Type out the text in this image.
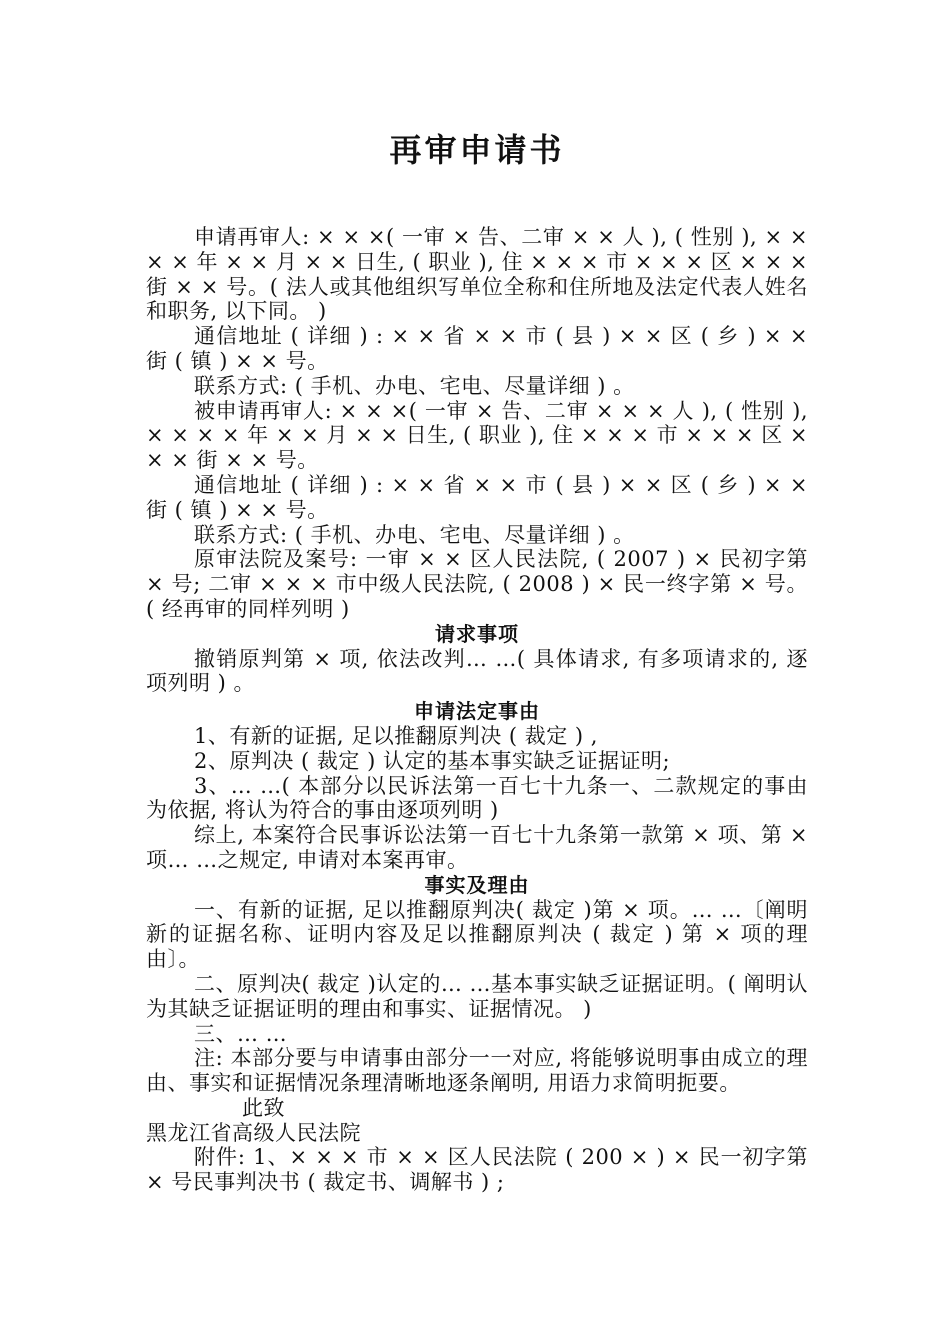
再审申请书

申请再审人: × × ×( 一审 × 告、二审 × × 人 ), ( 性别 ), × × × × 年 × × 月 × × 日生, ( 职业 ), 住 × × × 市 × × × 区 × × × 街 × × 号。( 法人或其他组织写单位全称和住所地及法定代表人姓名和职务, 以下同。 )

通信地址 ( 详细 ) : × × 省 × × 市 ( 县 ) × × 区 ( 乡 ) × × 街 ( 镇 ) × × 号。

联系方式: ( 手机、办电、宅电、尽量详细 ) 。

被申请再审人: × × ×( 一审 × 告、二审 × × × 人 ), ( 性别 ), × × × × 年 × × 月 × × 日生, ( 职业 ), 住 × × × 市 × × × 区 × × × 街 × × 号。

通信地址 ( 详细 ) : × × 省 × × 市 ( 县 ) × × 区 ( 乡 ) × × 街 ( 镇 ) × × 号。

联系方式: ( 手机、办电、宅电、尽量详细 ) 。

原审法院及案号: 一审 × × 区人民法院, ( 2007 ) × 民初字第 × 号; 二审 × × × 市中级人民法院, ( 2008 ) × 民一终字第 × 号。( 经再审的同样列明 )

请求事项

撤销原判第 × 项, 依法改判… …( 具体请求, 有多项请求的, 逐项列明 ) 。

申请法定事由

1、有新的证据, 足以推翻原判决 ( 裁定 ) ,

2、原判决 ( 裁定 ) 认定的基本事实缺乏证据证明;

3、… …( 本部分以民诉法第一百七十九条一、二款规定的事由为依据, 将认为符合的事由逐项列明 )

综上, 本案符合民事诉讼法第一百七十九条第一款第 × 项、第 × 项… …之规定, 申请对本案再审。

事实及理由

一、有新的证据, 足以推翻原判决( 裁定 )第 × 项。… …〔阐明新的证据名称、证明内容及足以推翻原判决 ( 裁定 ) 第 × 项的理由〕。

二、原判决( 裁定 )认定的… …基本事实缺乏证据证明。( 阐明认为其缺乏证据证明的理由和事实、证据情况。 )

三、… …

注: 本部分要与申请事由部分一一对应, 将能够说明事由成立的理由、事实和证据情况条理清晰地逐条阐明, 用语力求简明扼要。

此致

黑龙江省高级人民法院

附件: 1、× × × 市 × × 区人民法院 ( 200 × ) × 民一初字第 × 号民事判决书 ( 裁定书、调解书 ) ;
